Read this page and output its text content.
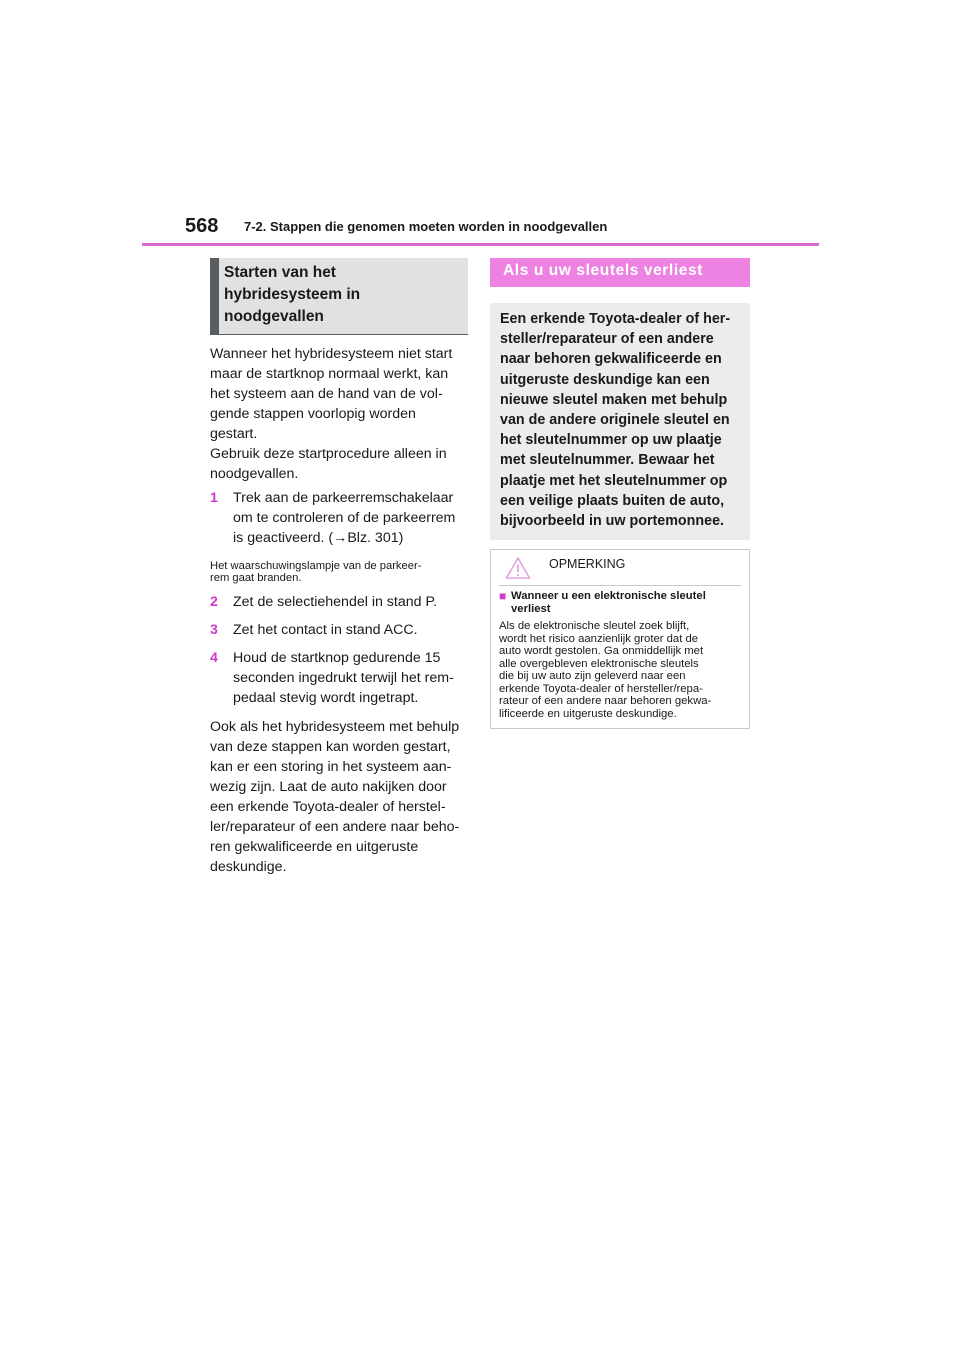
568 7-2. Stappen die genomen moeten worden in noodgevallen
Starten van het
hybridesysteem in
noodgevallen
Wanneer het hybridesysteem niet start
maar de startknop normaal werkt, kan
het systeem aan de hand van de vol-
gende stappen voorlopig worden
gestart.
Gebruik deze startprocedure alleen in
noodgevallen.
1	Trek aan de parkeerremschakelaar
om te controleren of de parkeerrem
is geactiveerd. (→Blz. 301)
Het waarschuwingslampje van de parkeer-
rem gaat branden.
2	Zet de selectiehendel in stand P.
3	Zet het contact in stand ACC.
4	Houd de startknop gedurende 15
seconden ingedrukt terwijl het rem-
pedaal stevig wordt ingetrapt.
Ook als het hybridesysteem met behulp
van deze stappen kan worden gestart,
kan er een storing in het systeem aan-
wezig zijn. Laat de auto nakijken door
een erkende Toyota-dealer of herstel-
ler/reparateur of een andere naar beho-
ren gekwalificeerde en uitgeruste
deskundige.
Als u uw sleutels verliest

Een erkende Toyota-dealer of her-
steller/reparateur of een andere
naar behoren gekwalificeerde en
uitgeruste deskundige kan een
nieuwe sleutel maken met behulp
van de andere originele sleutel en
het sleutelnummer op uw plaatje
met sleutelnummer. Bewaar het
plaatje met het sleutelnummer op
een veilige plaats buiten de auto,
bijvoorbeeld in uw portemonnee.

OPMERKING
■ Wanneer u een elektronische sleutel
verliest
Als de elektronische sleutel zoek blijft,
wordt het risico aanzienlijk groter dat de
auto wordt gestolen. Ga onmiddellijk met
alle overgebleven elektronische sleutels
die bij uw auto zijn geleverd naar een
erkende Toyota-dealer of hersteller/repa-
rateur of een andere naar behoren gekwa-
lificeerde en uitgeruste deskundige.
